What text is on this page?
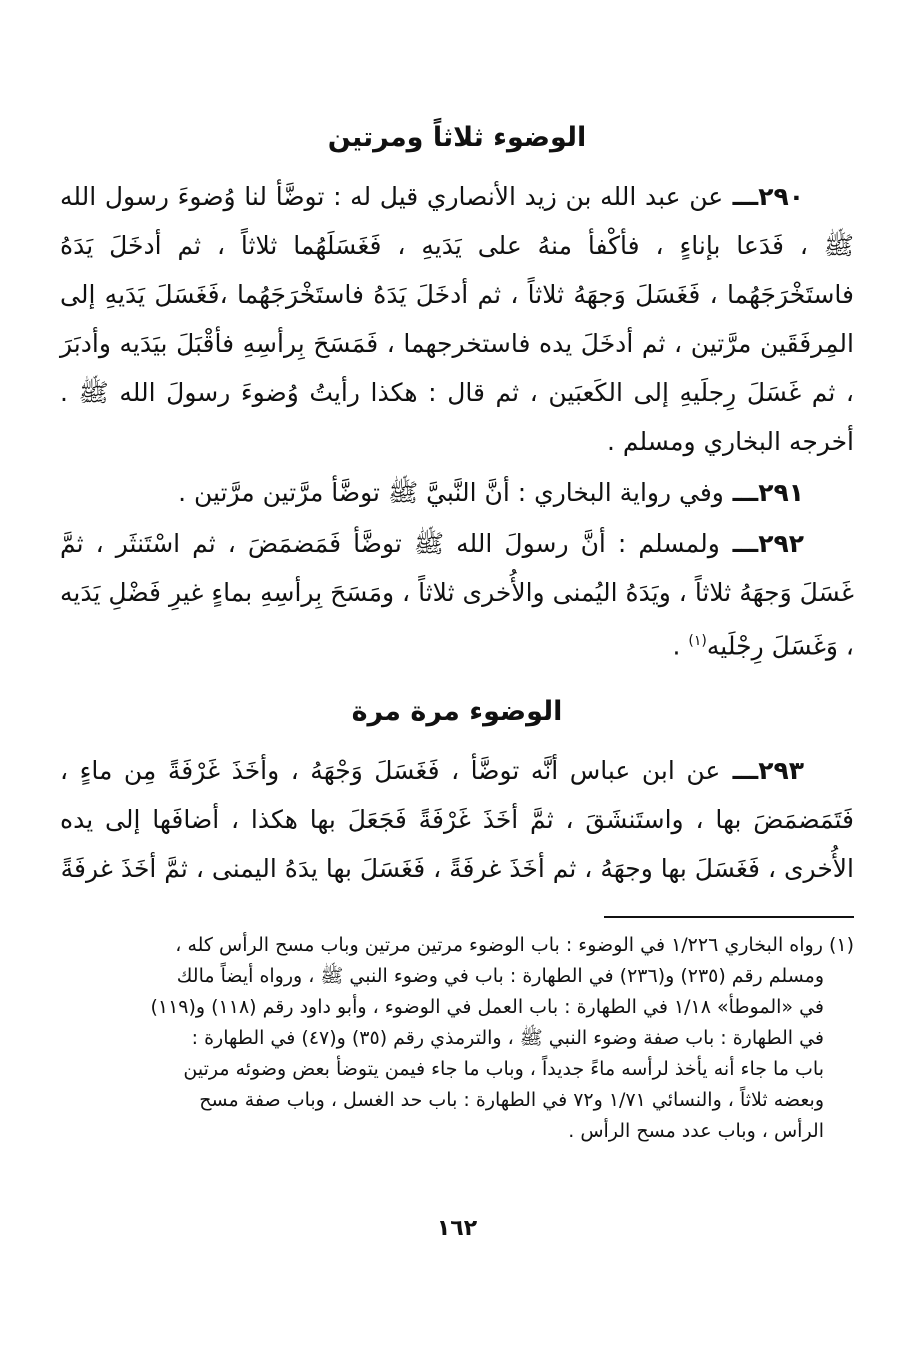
الوضوء ثلاثاً ومرتين

٢٩٠ـــ عن عبد الله بن زيد الأنصاري قيل له : توضَّأ لنا وُضوءَ رسول الله ﷺ ، فَدَعا بإناءٍ ، فأكْفأ منهُ على يَدَيهِ ، فَغَسَلَهُما ثلاثاً ، ثم أدخَلَ يَدَهُ فاستَخْرَجَهُما ، فَغَسَلَ وَجهَهُ ثلاثاً ، ثم أدخَلَ يَدَهُ فاستَخْرَجَهُما ،فَغَسَلَ يَدَيهِ إلى المِرفَقَين مرَّتين ، ثم أدخَلَ يده فاستخرجهما ، فَمَسَحَ بِرأسِهِ فأقْبَلَ بيَدَيه وأدبَرَ ، ثم غَسَلَ رِجلَيهِ إلى الكَعبَين ، ثم قال : هكذا رأيتُ وُضوءَ رسولَ الله ﷺ . أخرجه البخاري ومسلم .

٢٩١ـــ وفي رواية البخاري : أنَّ النَّبيَّ ﷺ توضَّأ مرَّتين مرَّتين .

٢٩٢ـــ ولمسلم : أنَّ رسولَ الله ﷺ توضَّأ فَمَضمَضَ ، ثم اسْتَنثَر ، ثمَّ غَسَلَ وَجهَهُ ثلاثاً ، ويَدَهُ اليُمنى والأُخرى ثلاثاً ، ومَسَحَ بِرأسِهِ بماءٍ غيرِ فَضْلِ يَدَيه ، وَغَسَلَ رِجْلَيه$^{(١)}$ .

الوضوء مرة مرة

٢٩٣ـــ عن ابن عباس أنَّه توضَّأ ، فَغَسَلَ وَجْهَهُ ، وأخَذَ غَرْفَةً مِن ماءٍ ، فَتَمَضمَضَ بها ، واستَنشَقَ ، ثمَّ أخَذَ غَرْفَةً فَجَعَلَ بها هكذا ، أضافَها إلى يده الأُخرى ، فَغَسَلَ بها وجهَهُ ، ثم أخَذَ غرفَةً ، فَغَسَلَ بها يدَهُ اليمنى ، ثمَّ أخَذَ غرفَةً

(١) رواه البخاري ١/٢٢٦ في الوضوء : باب الوضوء مرتين مرتين وباب مسح الرأس كله ،
ومسلم رقم (٢٣٥) و(٢٣٦) في الطهارة : باب في وضوء النبي ﷺ ، ورواه أيضاً مالك
في «الموطأ» ١/١٨ في الطهارة : باب العمل في الوضوء ، وأبو داود رقم (١١٨) و(١١٩)
في الطهارة : باب صفة وضوء النبي ﷺ ، والترمذي رقم (٣٥) و(٤٧) في الطهارة :
باب ما جاء أنه يأخذ لرأسه ماءً جديداً ، وباب ما جاء فيمن يتوضأ بعض وضوئه مرتين
وبعضه ثلاثاً ، والنسائي ١/٧١ و٧٢ في الطهارة : باب حد الغسل ، وباب صفة مسح
الرأس ، وباب عدد مسح الرأس .
١٦٢
